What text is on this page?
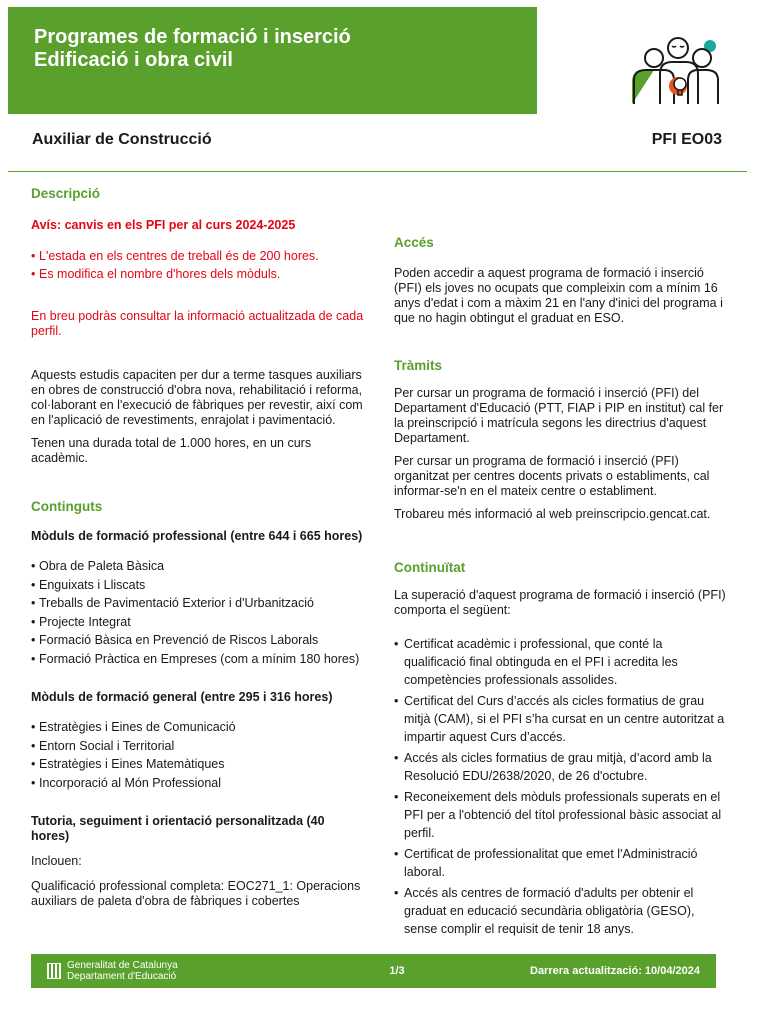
Programes de formació i inserció
Edificació i obra civil
Auxiliar de Construcció	PFI EO03
Descripció
Avís: canvis en els PFI per al curs 2024-2025
• L'estada en els centres de treball és de 200 hores.
• Es modifica el nombre d'hores dels mòduls.
En breu podràs consultar la informació actualitzada de cada
perfil.
Aquests estudis capaciten per dur a terme tasques auxiliars
en obres de construcció d'obra nova, rehabilitació i reforma,
col·laborant en l'execució de fàbriques per revestir, així com
en l'aplicació de revestiments, enrajolat i pavimentació.
Tenen una durada total de 1.000 hores, en un curs
acadèmic.
Continguts
Mòduls de formació professional (entre 644 i 665 hores)
• Obra de Paleta Bàsica
• Enguixats i Lliscats
• Treballs de Pavimentació Exterior i d'Urbanització
• Projecte Integrat
• Formació Bàsica en Prevenció de Riscos Laborals
• Formació Pràctica en Empreses (com a mínim 180 hores)
Mòduls de formació general (entre 295 i 316 hores)
• Estratègies i Eines de Comunicació
• Entorn Social i Territorial
• Estratègies i Eines Matemàtiques
• Incorporació al Món Professional
Tutoria, seguiment i orientació personalitzada (40
hores)
Inclouen:
Qualificació professional completa: EOC271_1: Operacions
auxiliars de paleta d'obra de fàbriques i cobertes
Accés
Poden accedir a aquest programa de formació i inserció
(PFI) els joves no ocupats que compleixin com a mínim 16
anys d'edat i com a màxim 21 en l'any d'inici del programa i
que no hagin obtingut el graduat en ESO.
Tràmits
Per cursar un programa de formació i inserció (PFI) del
Departament d'Educació (PTT, FIAP i PIP en institut) cal fer
la preinscripció i matrícula segons les directrius d'aquest
Departament.
Per cursar un programa de formació i inserció (PFI)
organitzat per centres docents privats o establiments, cal
informar-se'n en el mateix centre o establiment.
Trobareu més informació al web preinscripcio.gencat.cat.
Continuïtat
La superació d'aquest programa de formació i inserció (PFI)
comporta el següent:
• Certificat acadèmic i professional, que conté la
qualificació final obtinguda en el PFI i acredita les
competències professionals assolides.
• Certificat del Curs d’accés als cicles formatius de grau
mitjà (CAM), si el PFI s’ha cursat en un centre autoritzat a
impartir aquest Curs d’accés.
• Accés als cicles formatius de grau mitjà, d’acord amb la
Resolució EDU/2638/2020, de 26 d'octubre.
• Reconeixement dels mòduls professionals superats en el
PFI per a l'obtenció del títol professional bàsic associat al
perfil.
• Certificat de professionalitat que emet l'Administració
laboral.
• Accés als centres de formació d'adults per obtenir el
graduat en educació secundària obligatòria (GESO),
sense complir el requisit de tenir 18 anys.
Generalitat de Catalunya
Departament d'Educació	1/3	Darrera actualització: 10/04/2024
